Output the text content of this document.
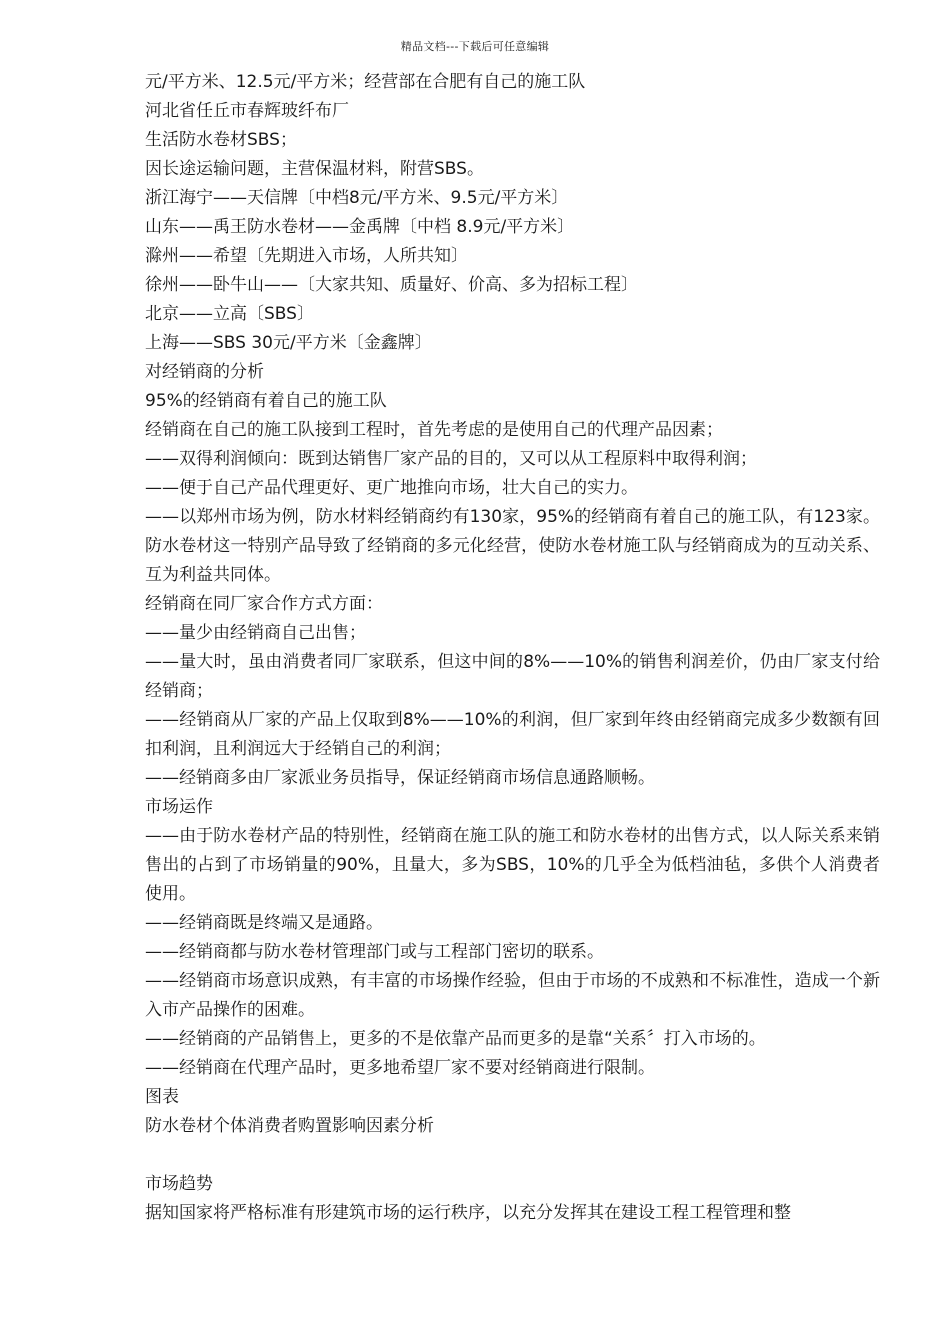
精品文档---下载后可任意编辑
元/平方米、12.5元/平方米；经营部在合肥有自己的施工队
河北省任丘市春辉玻纤布厂
生活防水卷材SBS；
因长途运输问题，主营保温材料，附营SBS。
浙江海宁——天信牌〔中档8元/平方米、9.5元/平方米〕
山东——禹王防水卷材——金禹牌〔中档 8.9元/平方米〕
滁州——希望〔先期进入市场，人所共知〕
徐州——卧牛山——〔大家共知、质量好、价高、多为招标工程〕
北京——立高〔SBS〕
上海——SBS 30元/平方米〔金鑫牌〕
对经销商的分析
95%的经销商有着自己的施工队
经销商在自己的施工队接到工程时，首先考虑的是使用自己的代理产品因素；
——双得利润倾向：既到达销售厂家产品的目的，又可以从工程原料中取得利润；
——便于自己产品代理更好、更广地推向市场，壮大自己的实力。
——以郑州市场为例，防水材料经销商约有130家，95%的经销商有着自己的施工队，有123家。防水卷材这一特别产品导致了经销商的多元化经营，使防水卷材施工队与经销商成为的互动关系、互为利益共同体。
经销商在同厂家合作方式方面：
——量少由经销商自己出售；
——量大时，虽由消费者同厂家联系，但这中间的8%——10%的销售利润差价，仍由厂家支付给经销商；
——经销商从厂家的产品上仅取到8%——10%的利润，但厂家到年终由经销商完成多少数额有回扣利润，且利润远大于经销自己的利润；
——经销商多由厂家派业务员指导，保证经销商市场信息通路顺畅。
市场运作
——由于防水卷材产品的特别性，经销商在施工队的施工和防水卷材的出售方式，以人际关系来销售出的占到了市场销量的90%，且量大，多为SBS，10%的几乎全为低档油毡，多供个人消费者使用。
——经销商既是终端又是通路。
——经销商都与防水卷材管理部门或与工程部门密切的联系。
——经销商市场意识成熟，有丰富的市场操作经验，但由于市场的不成熟和不标准性，造成一个新入市产品操作的困难。
——经销商的产品销售上，更多的不是依靠产品而更多的是靠“关系〞打入市场的。
——经销商在代理产品时，更多地希望厂家不要对经销商进行限制。
图表
防水卷材个体消费者购置影响因素分析
市场趋势
据知国家将严格标准有形建筑市场的运行秩序，以充分发挥其在建设工程工程管理和整
